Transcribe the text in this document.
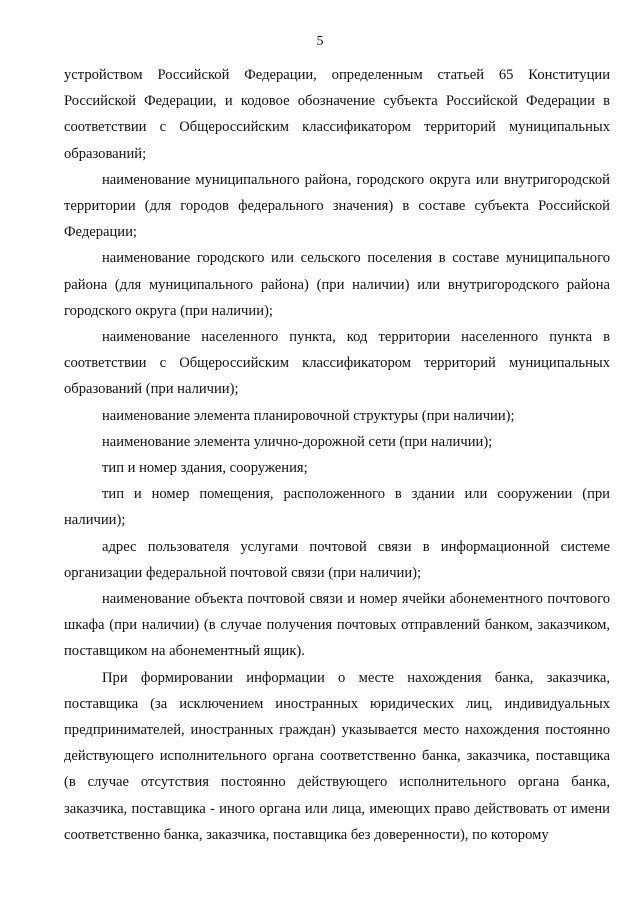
5

устройством Российской Федерации, определенным статьей 65 Конституции Российской Федерации, и кодовое обозначение субъекта Российской Федерации в соответствии с Общероссийским классификатором территорий муниципальных образований;

наименование муниципального района, городского округа или внутригородской территории (для городов федерального значения) в составе субъекта Российской Федерации;

наименование городского или сельского поселения в составе муниципального района (для муниципального района) (при наличии) или внутригородского района городского округа (при наличии);

наименование населенного пункта, код территории населенного пункта в соответствии с Общероссийским классификатором территорий муниципальных образований (при наличии);

наименование элемента планировочной структуры (при наличии);

наименование элемента улично-дорожной сети (при наличии);

тип и номер здания, сооружения;

тип и номер помещения, расположенного в здании или сооружении (при наличии);

адрес пользователя услугами почтовой связи в информационной системе организации федеральной почтовой связи (при наличии);

наименование объекта почтовой связи и номер ячейки абонементного почтового шкафа (при наличии) (в случае получения почтовых отправлений банком, заказчиком, поставщиком на абонементный ящик).

При формировании информации о месте нахождения банка, заказчика, поставщика (за исключением иностранных юридических лиц, индивидуальных предпринимателей, иностранных граждан) указывается место нахождения постоянно действующего исполнительного органа соответственно банка, заказчика, поставщика (в случае отсутствия постоянно действующего исполнительного органа банка, заказчика, поставщика - иного органа или лица, имеющих право действовать от имени соответственно банка, заказчика, поставщика без доверенности), по которому
